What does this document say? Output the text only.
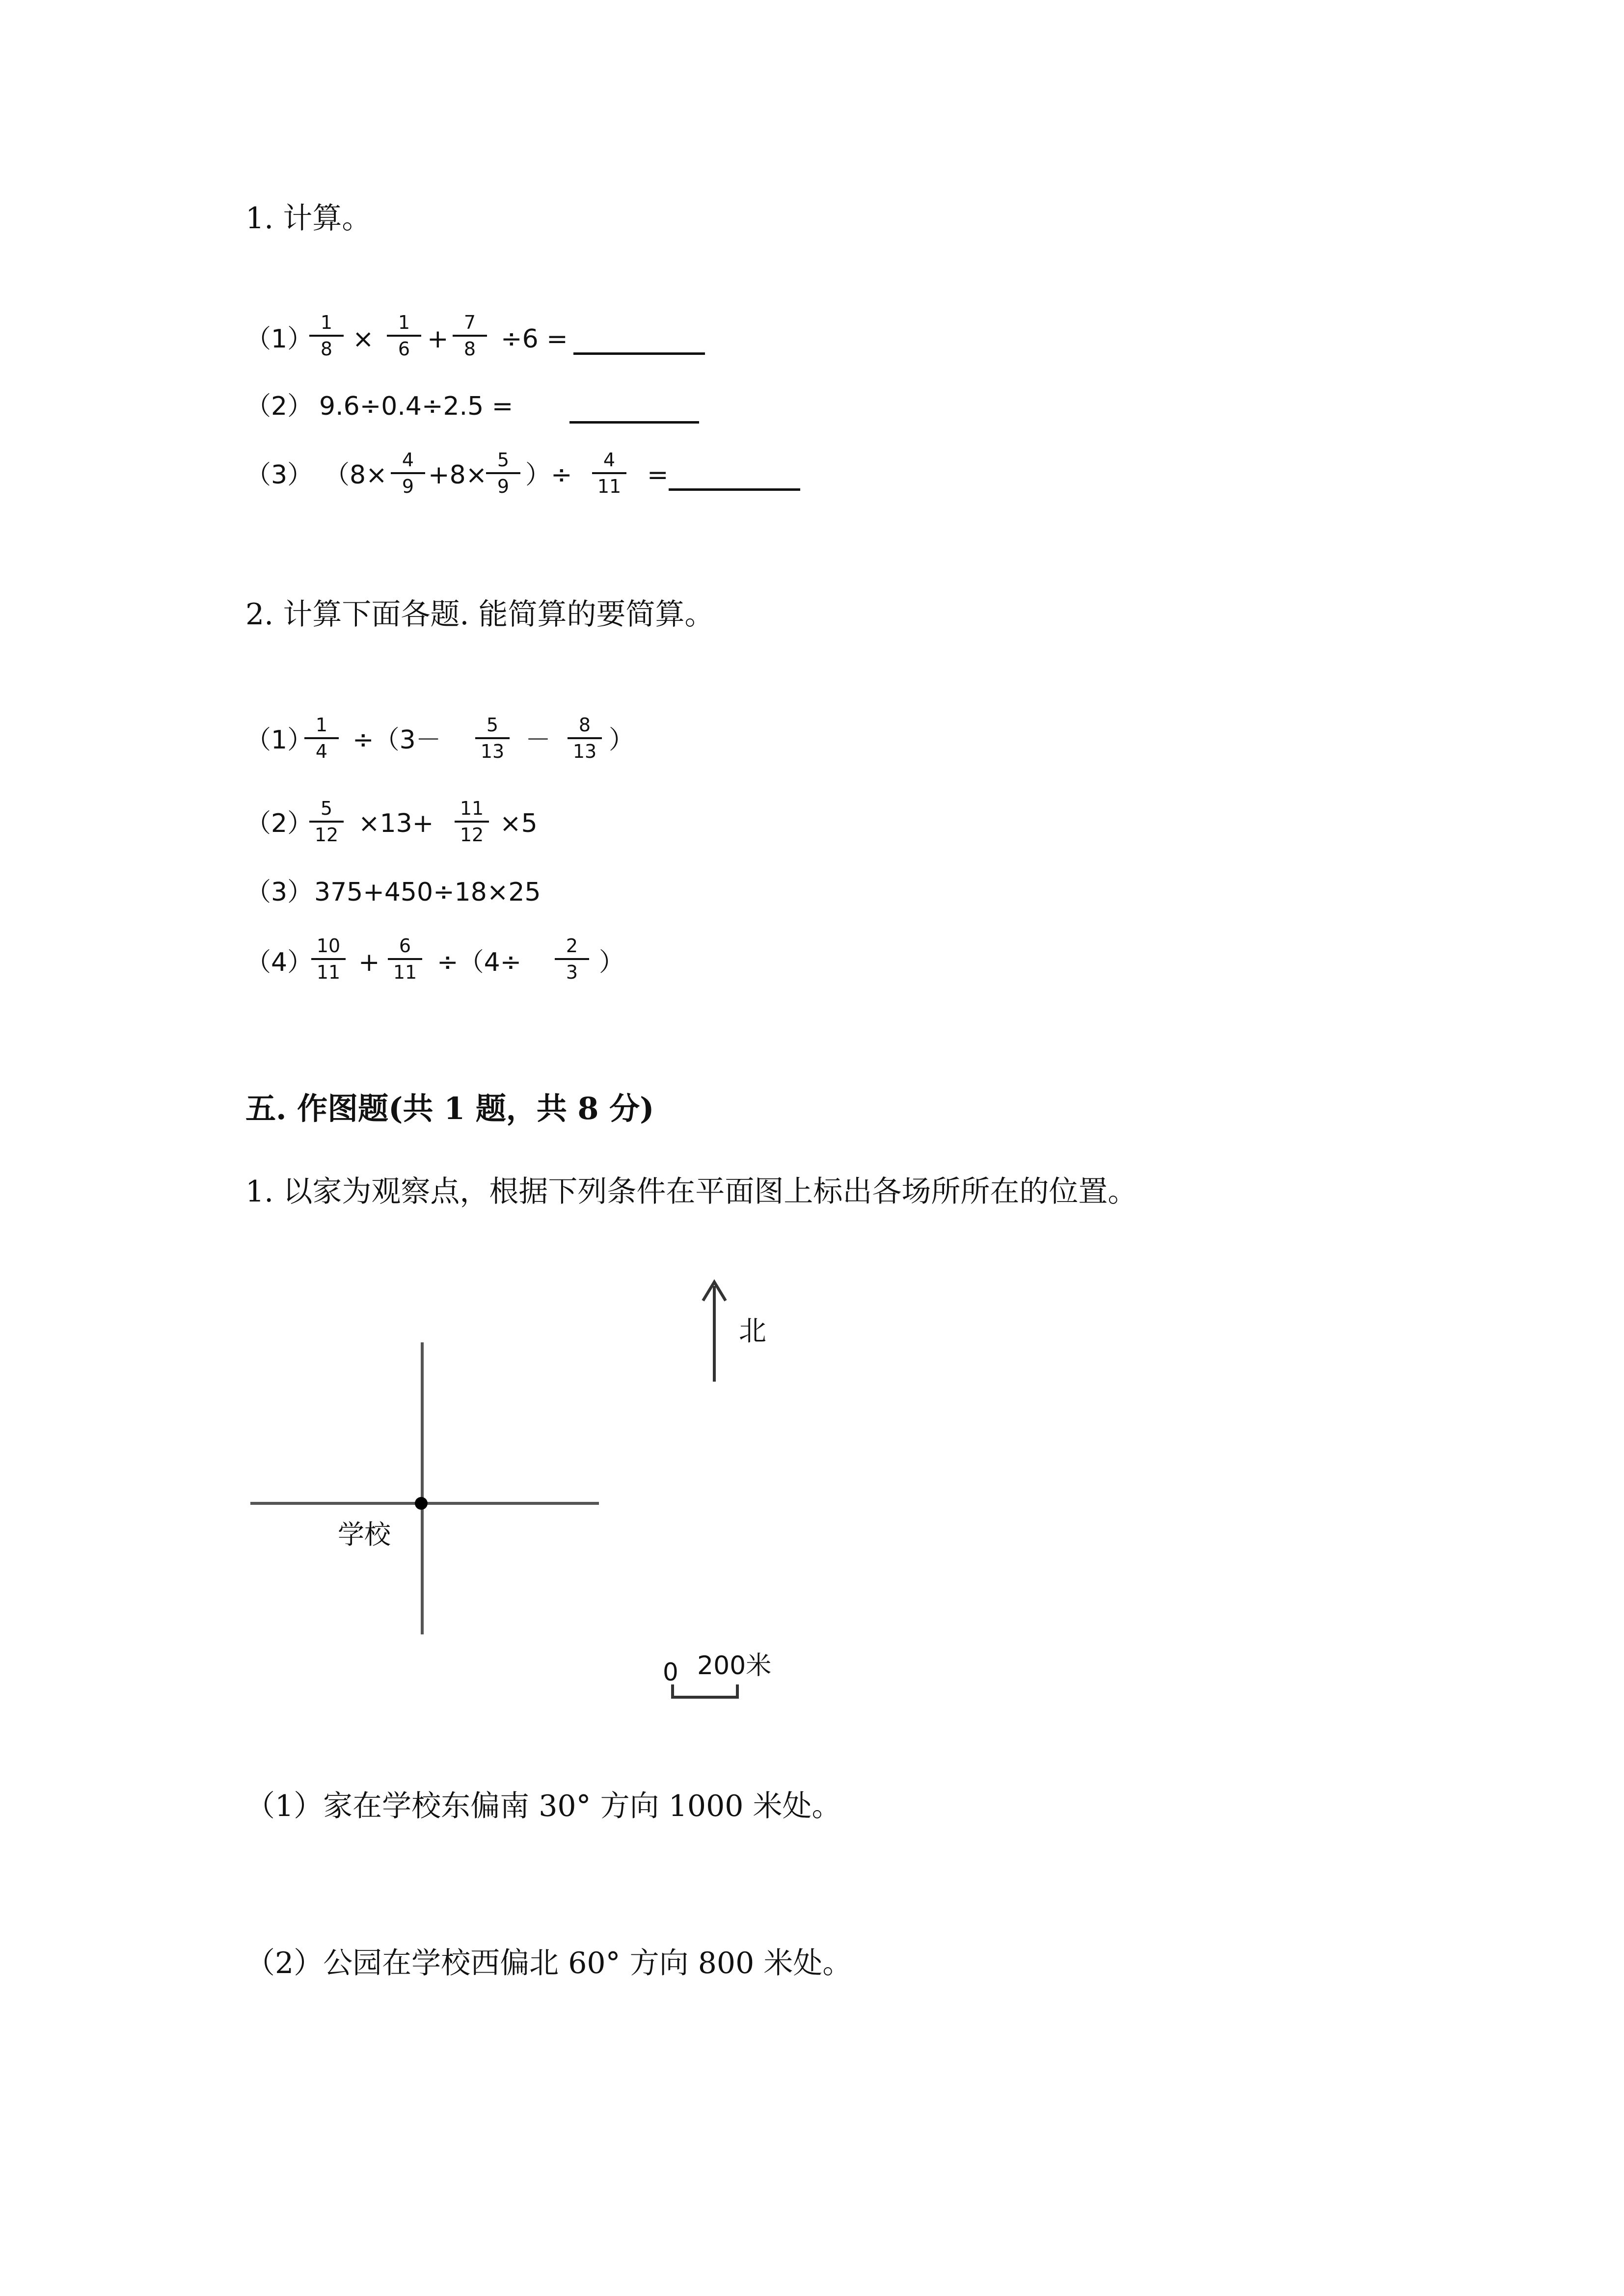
1. 计算。
（1）
1
8 ×
1
6 +
7
8 ÷6 =
（2） 9.6÷0.4÷2.5 =
（3） （8×
4
9 +8×
5
9 ）÷
4
11	=
2. 计算下面各题. 能简算的要简算。
（1）
1
4 ÷（3－
5
13 －
8
13 ）
（2）
5
12 ×13+
11
12 ×5
（3） 375+450÷18×25
（4）
10
11 +
6
11 ÷（4÷
2
3 ）
五. 作图题(共 1 题，共 8 分)
1. 以家为观察点，根据下列条件在平面图上标出各场所所在的位置。
北
学校
0 200米
（1）家在学校东偏南 30° 方向 1000 米处。
（2）公园在学校西偏北 60° 方向 800 米处。
